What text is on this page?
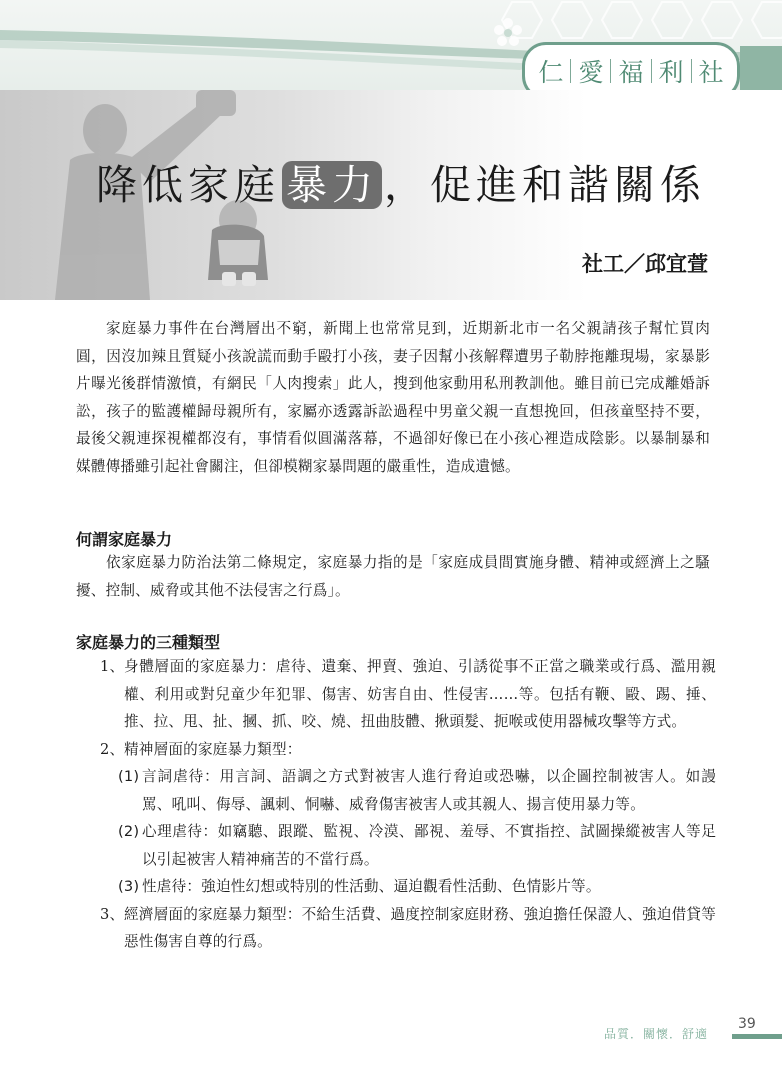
仁 愛 福 利 社
降低家庭 暴力 ，促進和諧關係

社工／邱宜萱

家庭暴力事件在台灣層出不窮，新聞上也常常見到，近期新北市一名父親請孩子幫忙買肉圓，因沒加辣且質疑小孩說謊而動手毆打小孩，妻子因幫小孩解釋遭男子勒脖拖離現場，家暴影片曝光後群情激憤，有網民「人肉搜索」此人，搜到他家動用私刑教訓他。雖目前已完成離婚訴訟，孩子的監護權歸母親所有，家屬亦透露訴訟過程中男童父親一直想挽回，但孩童堅持不要，最後父親連探視權都沒有，事情看似圓滿落幕，不過卻好像已在小孩心裡造成陰影。以暴制暴和媒體傳播雖引起社會關注，但卻模糊家暴問題的嚴重性，造成遺憾。

何謂家庭暴力

依家庭暴力防治法第二條規定，家庭暴力指的是「家庭成員間實施身體、精神或經濟上之騷擾、控制、威脅或其他不法侵害之行爲」。

家庭暴力的三種類型

1、 身體層面的家庭暴力：虐待、遺棄、押賣、強迫、引誘從事不正當之職業或行爲、濫用親權、利用或對兒童少年犯罪、傷害、妨害自由、性侵害……等。包括有鞭、毆、踢、捶、推、拉、甩、扯、摑、抓、咬、燒、扭曲肢體、揪頭髮、扼喉或使用器械攻擊等方式。

2、 精神層面的家庭暴力類型：

(1) 言詞虐待：用言詞、語調之方式對被害人進行脅迫或恐嚇，以企圖控制被害人。如謾罵、吼叫、侮辱、諷刺、恫嚇、威脅傷害被害人或其親人、揚言使用暴力等。

(2) 心理虐待：如竊聽、跟蹤、監視、冷漠、鄙視、羞辱、不實指控、試圖操縱被害人等足以引起被害人精神痛苦的不當行爲。

(3) 性虐待：強迫性幻想或特別的性活動、逼迫觀看性活動、色情影片等。

3、 經濟層面的家庭暴力類型：不給生活費、過度控制家庭財務、強迫擔任保證人、強迫借貸等惡性傷害自尊的行爲。

品質．關懷．舒適

39
